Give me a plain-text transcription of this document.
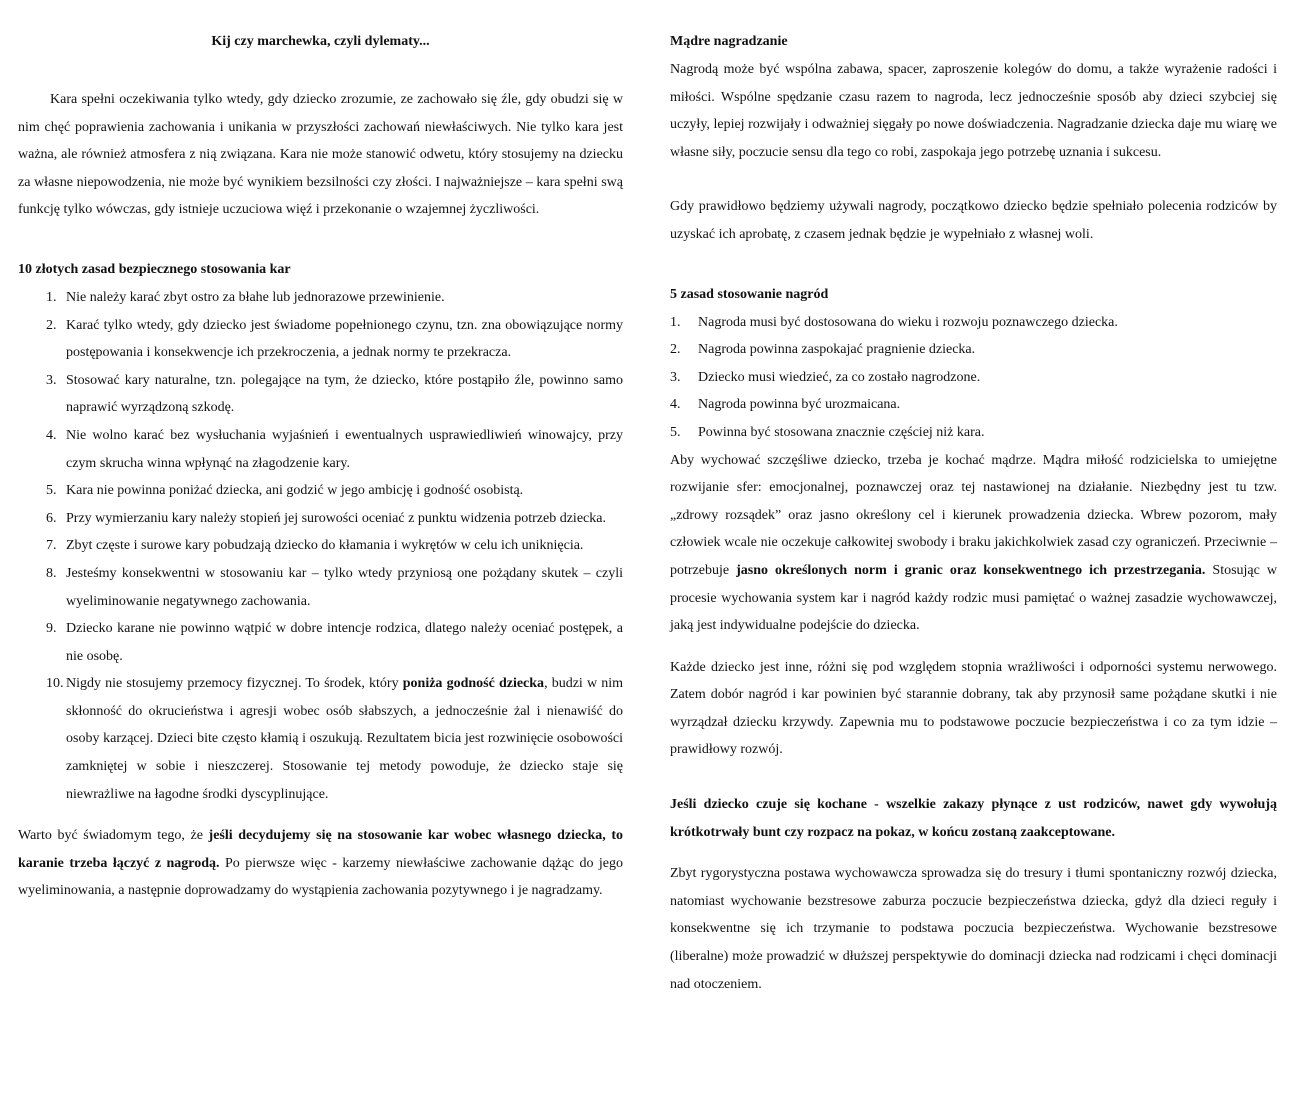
Kij czy marchewka, czyli dylematy...

Kara spełni oczekiwania tylko wtedy, gdy dziecko zrozumie, ze zachowało się źle, gdy obudzi się w nim chęć poprawienia zachowania i unikania w przyszłości zachowań niewłaściwych. Nie tylko kara jest ważna, ale również atmosfera z nią związana. Kara nie może stanowić odwetu, który stosujemy na dziecku za własne niepowodzenia, nie może być wynikiem bezsilności czy złości. I najważniejsze – kara spełni swą funkcję tylko wówczas, gdy istnieje uczuciowa więź i przekonanie o wzajemnej życzliwości.

10 złotych zasad bezpiecznego stosowania kar
1. Nie należy karać zbyt ostro za błahe lub jednorazowe przewinienie.
2. Karać tylko wtedy, gdy dziecko jest świadome popełnionego czynu, tzn. zna obowiązujące normy postępowania i konsekwencje ich przekroczenia, a jednak normy te przekracza.
3. Stosować kary naturalne, tzn. polegające na tym, że dziecko, które postąpiło źle, powinno samo naprawić wyrządzoną szkodę.
4. Nie wolno karać bez wysłuchania wyjaśnień i ewentualnych usprawiedliwień winowajcy, przy czym skrucha winna wpłynąć na złagodzenie kary.
5. Kara nie powinna poniżać dziecka, ani godzić w jego ambicję i godność osobistą.
6. Przy wymierzaniu kary należy stopień jej surowości oceniać z punktu widzenia potrzeb dziecka.
7. Zbyt częste i surowe kary pobudzają dziecko do kłamania i wykrętów w celu ich uniknięcia.
8. Jesteśmy konsekwentni w stosowaniu kar – tylko wtedy przyniosą one pożądany skutek – czyli wyeliminowanie negatywnego zachowania.
9. Dziecko karane nie powinno wątpić w dobre intencje rodzica, dlatego należy oceniać postępek, a nie osobę.
10. Nigdy nie stosujemy przemocy fizycznej. To środek, który poniża godność dziecka, budzi w nim skłonność do okrucieństwa i agresji wobec osób słabszych, a jednocześnie żal i nienawiść do osoby karzącej. Dzieci bite często kłamią i oszukują. Rezultatem bicia jest rozwinięcie osobowości zamkniętej w sobie i nieszczerej. Stosowanie tej metody powoduje, że dziecko staje się niewrażliwe na łagodne środki dyscyplinujące.

Warto być świadomym tego, że jeśli decydujemy się na stosowanie kar wobec własnego dziecka, to karanie trzeba łączyć z nagrodą. Po pierwsze więc - karzemy niewłaściwe zachowanie dążąc do jego wyeliminowania, a następnie doprowadzamy do wystąpienia zachowania pozytywnego i je nagradzamy.

Mądre nagradzanie

Nagrodą może być wspólna zabawa, spacer, zaproszenie kolegów do domu, a także wyrażenie radości i miłości. Wspólne spędzanie czasu razem to nagroda, lecz jednocześnie sposób aby dzieci szybciej się uczyły, lepiej rozwijały i odważniej sięgały po nowe doświadczenia. Nagradzanie dziecka daje mu wiarę we własne siły, poczucie sensu dla tego co robi, zaspokaja jego potrzebę uznania i sukcesu.

Gdy prawidłowo będziemy używali nagrody, początkowo dziecko będzie spełniało polecenia rodziców by uzyskać ich aprobatę, z czasem jednak będzie je wypełniało z własnej woli.

5 zasad stosowanie nagród
1. Nagroda musi być dostosowana do wieku i rozwoju poznawczego dziecka.
2. Nagroda powinna zaspokajać pragnienie dziecka.
3. Dziecko musi wiedzieć, za co zostało nagrodzone.
4. Nagroda powinna być urozmaicana.
5. Powinna być stosowana znacznie częściej niż kara.

Aby wychować szczęśliwe dziecko, trzeba je kochać mądrze. Mądra miłość rodzicielska to umiejętne rozwijanie sfer: emocjonalnej, poznawczej oraz tej nastawionej na działanie. Niezbędny jest tu tzw. „zdrowy rozsądek” oraz jasno określony cel i kierunek prowadzenia dziecka. Wbrew pozorom, mały człowiek wcale nie oczekuje całkowitej swobody i braku jakichkolwiek zasad czy ograniczeń. Przeciwnie – potrzebuje jasno określonych norm i granic oraz konsekwentnego ich przestrzegania. Stosując w procesie wychowania system kar i nagród każdy rodzic musi pamiętać o ważnej zasadzie wychowawczej, jaką jest indywidualne podejście do dziecka.

Każde dziecko jest inne, różni się pod względem stopnia wrażliwości i odporności systemu nerwowego. Zatem dobór nagród i kar powinien być starannie dobrany, tak aby przynosił same pożądane skutki i nie wyrządzał dziecku krzywdy. Zapewnia mu to podstawowe poczucie bezpieczeństwa i co za tym idzie – prawidłowy rozwój.

Jeśli dziecko czuje się kochane - wszelkie zakazy płynące z ust rodziców, nawet gdy wywołują krótkotrwały bunt czy rozpacz na pokaz, w końcu zostaną zaakceptowane.

Zbyt rygorystyczna postawa wychowawcza sprowadza się do tresury i tłumi spontaniczny rozwój dziecka, natomiast wychowanie bezstresowe zaburza poczucie bezpieczeństwa dziecka, gdyż dla dzieci reguły i konsekwentne się ich trzymanie to podstawa poczucia bezpieczeństwa. Wychowanie bezstresowe (liberalne) może prowadzić w dłuższej perspektywie do dominacji dziecka nad rodzicami i chęci dominacji nad otoczeniem.
